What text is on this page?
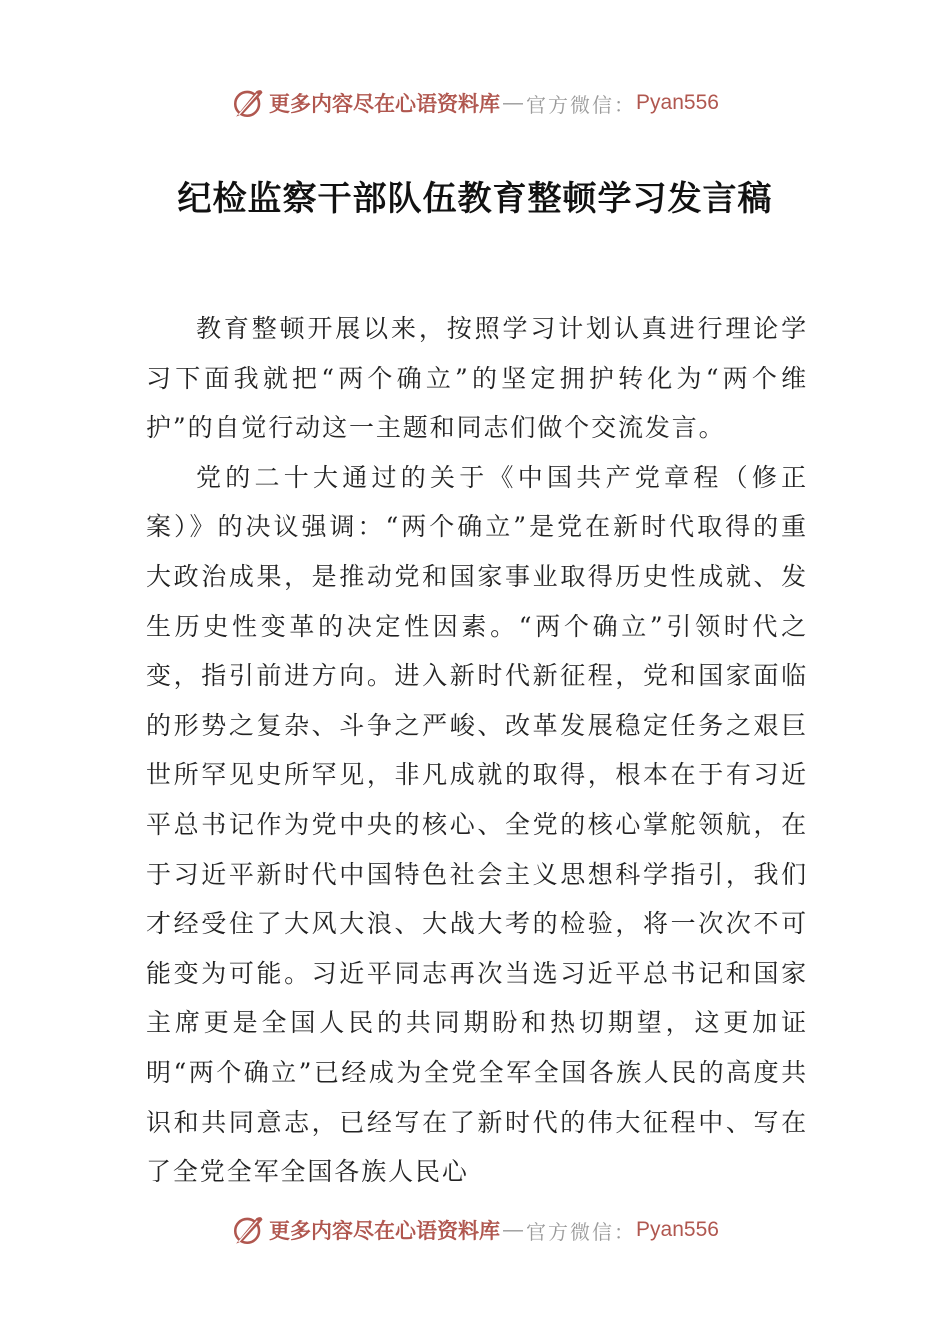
更多内容尽在心语资料库 — 官方微信： Pyan556
纪检监察干部队伍教育整顿学习发言稿

教育整顿开展以来，按照学习计划认真进行理论学习下面我就把“两个确立”的坚定拥护转化为“两个维护”的自觉行动这一主题和同志们做个交流发言。

党的二十大通过的关于《中国共产党章程（修正案）》的决议强调：“两个确立”是党在新时代取得的重大政治成果，是推动党和国家事业取得历史性成就、发生历史性变革的决定性因素。“两个确立”引领时代之变，指引前进方向。进入新时代新征程，党和国家面临的形势之复杂、斗争之严峻、改革发展稳定任务之艰巨世所罕见史所罕见，非凡成就的取得，根本在于有习近平总书记作为党中央的核心、全党的核心掌舵领航，在于习近平新时代中国特色社会主义思想科学指引，我们才经受住了大风大浪、大战大考的检验，将一次次不可能变为可能。习近平同志再次当选习近平总书记和国家主席更是全国人民的共同期盼和热切期望，这更加证明“两个确立”已经成为全党全军全国各族人民的高度共识和共同意志，已经写在了新时代的伟大征程中、写在了全党全军全国各族人民心

更多内容尽在心语资料库 — 官方微信： Pyan556
